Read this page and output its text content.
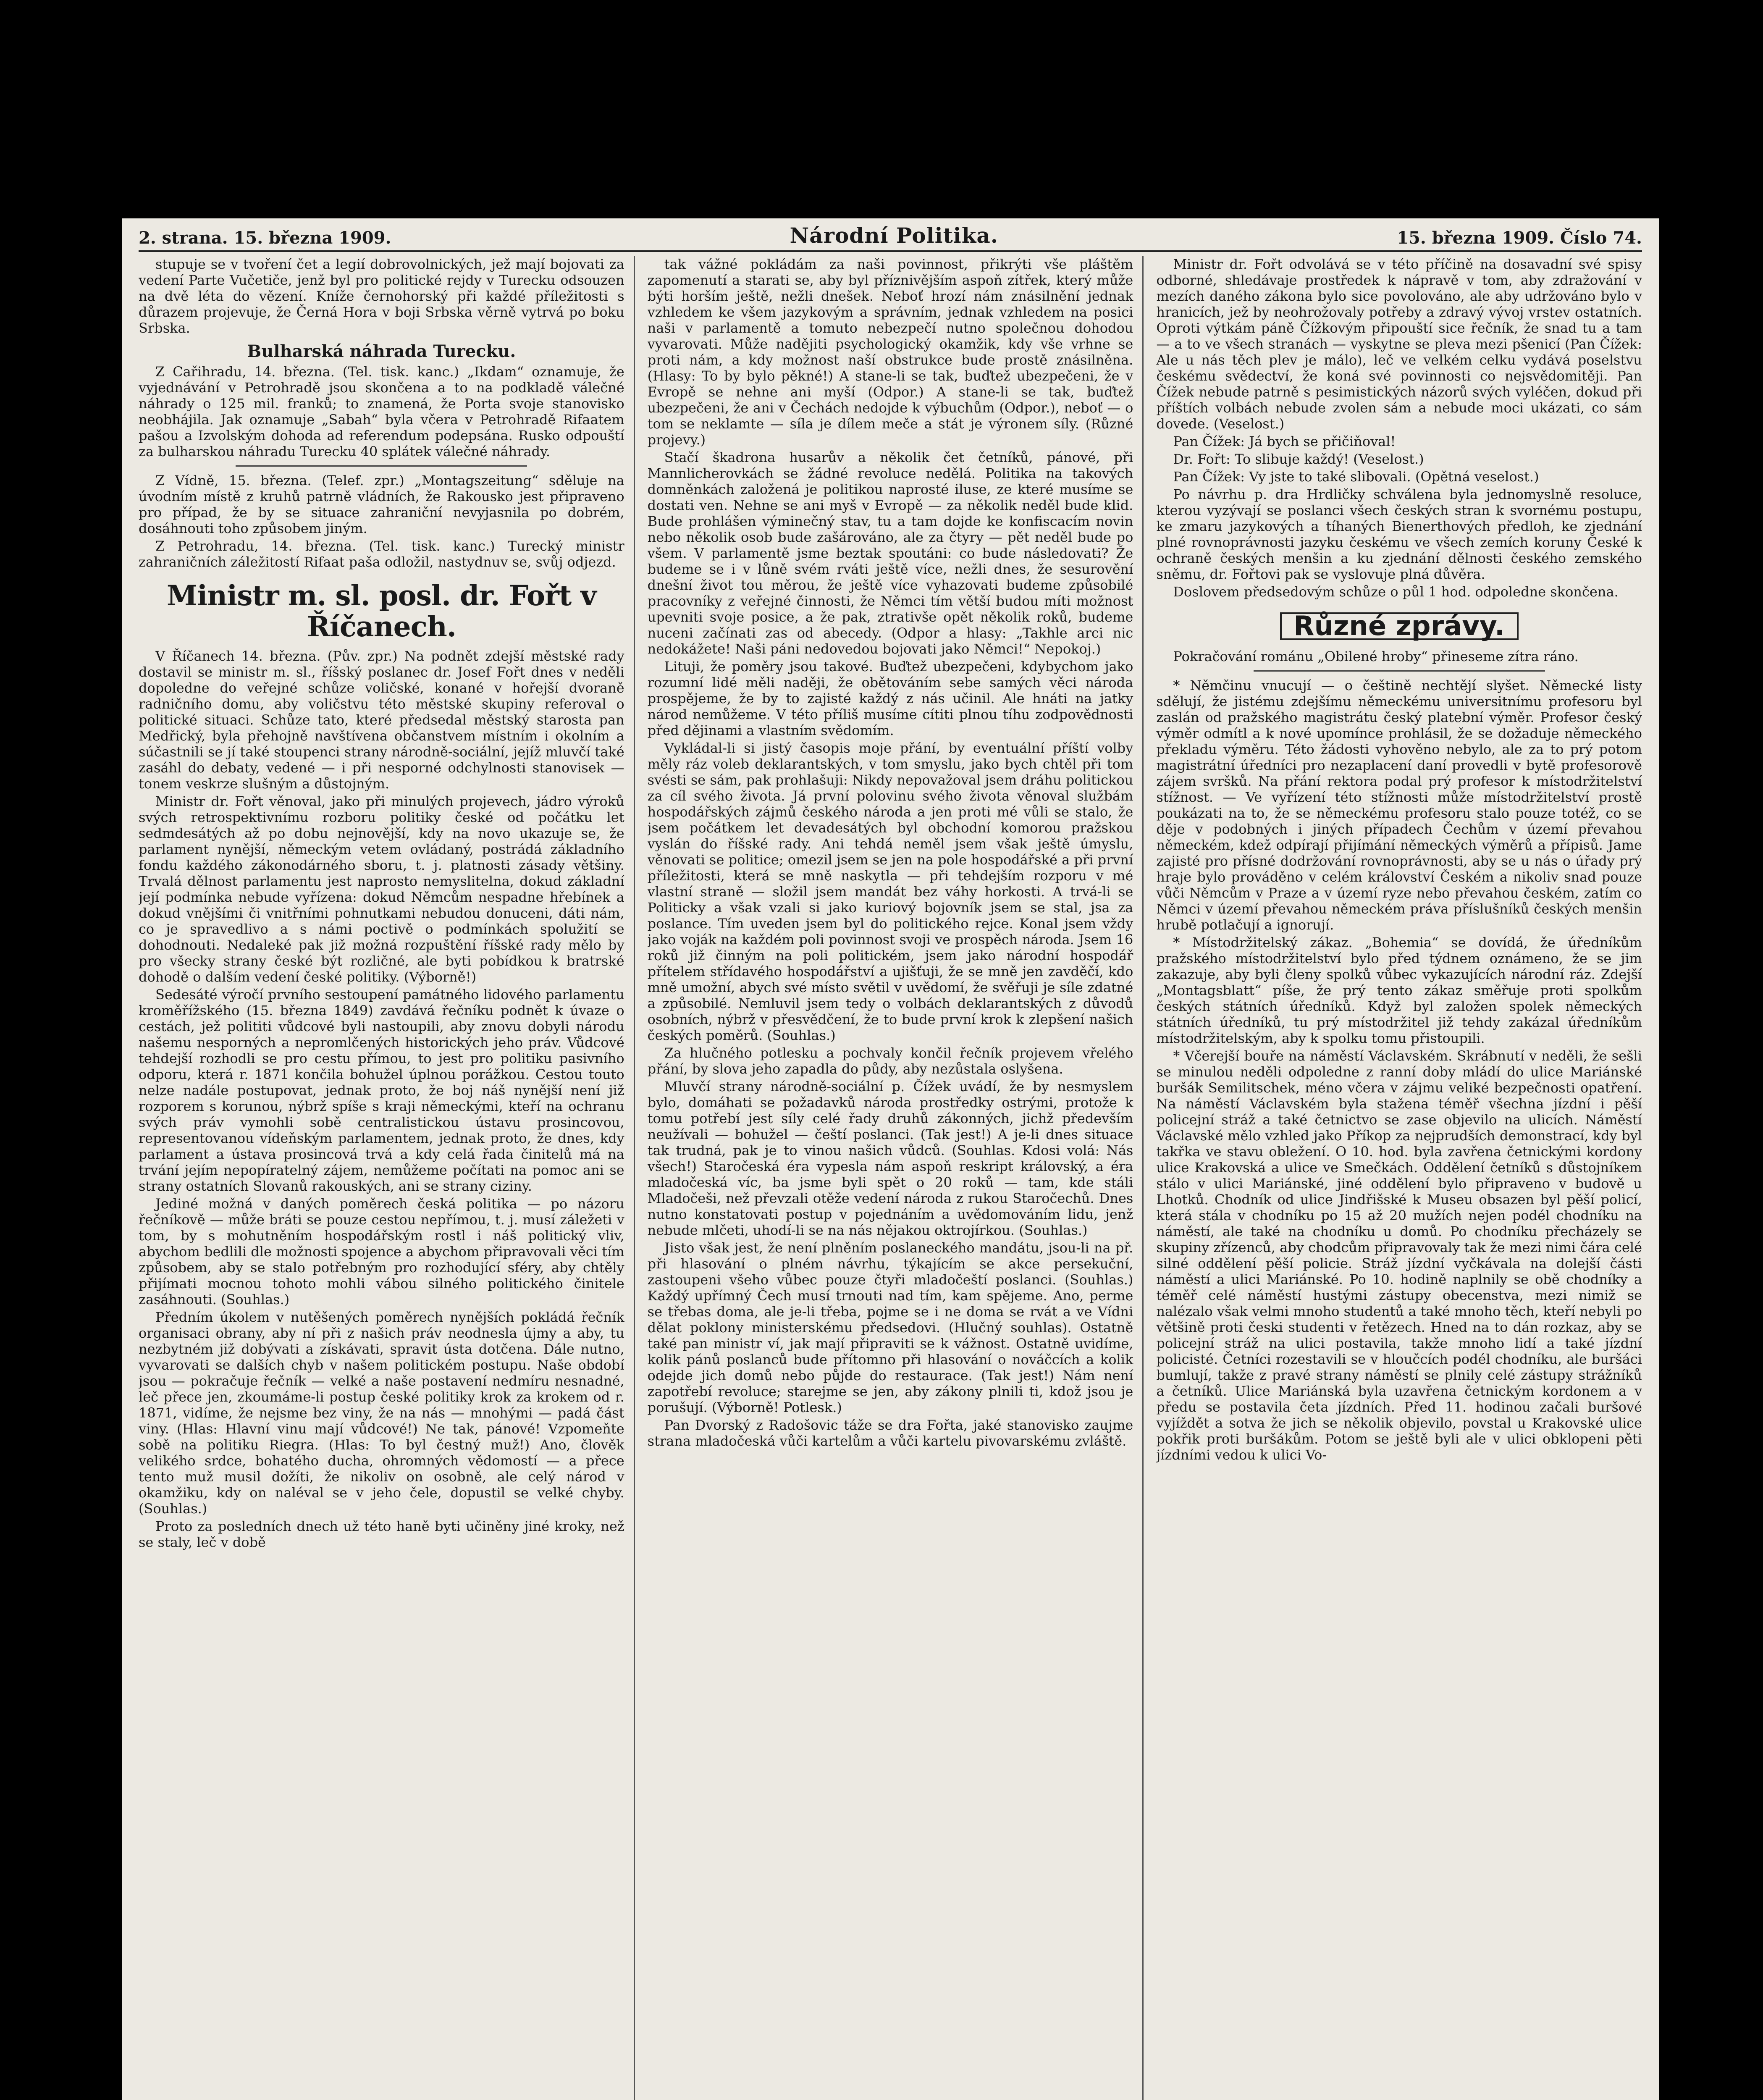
2. strana. 15. března 1909.	Národní Politika.	15. března 1909. Číslo 74.

stupuje se v tvoření čet a legií dobrovolnických, jež mají bojovati za vedení Parte Vučetiče, jenž byl pro politické rejdy v Turecku odsouzen na dvě léta do vězení. Kníže černohorský při každé příležitosti s důrazem projevuje, že Černá Hora v boji Srbska věrně vytrvá po boku Srbska.

Bulharská náhrada Turecku.

Z Cařihradu, 14. března. (Tel. tisk. kanc.) „Ikdam“ oznamuje, že vyjednávání v Petrohradě jsou skončena a to na podkladě válečné náhrady o 125 mil. franků; to znamená, že Porta svoje stanovisko neobhájila. Jak oznamuje „Sabah“ byla včera v Petrohradě Rifaatem pašou a Izvolským dohoda ad referendum podepsána. Rusko odpouští za bulharskou náhradu Turecku 40 splátek válečné náhrady.

Z Vídně, 15. března. (Telef. zpr.) „Montagszeitung“ sděluje na úvodním místě z kruhů patrně vládních, že Rakousko jest připraveno pro případ, že by se situace zahraniční nevyjasnila po dobrém, dosáhnouti toho způsobem jiným.

Z Petrohradu, 14. března. (Tel. tisk. kanc.) Turecký ministr zahraničních záležitostí Rifaat paša odložil, nastydnuv se, svůj odjezd.

Ministr m. sl. posl. dr. Fořt v Říčanech.

V Říčanech 14. března. (Pův. zpr.) Na podnět zdejší městské rady dostavil se ministr m. sl., říšský poslanec dr. Josef Fořt dnes v neděli dopoledne do veřejné schůze voličské, konané v hořejší dvoraně radničního domu, aby voličstvu této městské skupiny referoval o politické situaci. Schůze tato, které předsedal městský starosta pan Medřický, byla přehojně navštívena občanstvem místním i okolním a súčastnili se jí také stoupenci strany národně-sociální, jejíž mluvčí také zasáhl do debaty, vedené — i při nesporné odchylnosti stanovisek — tonem veskrze slušným a důstojným.

Ministr dr. Fořt věnoval, jako při minulých projevech, jádro výroků svých retrospektivnímu rozboru politiky české od počátku let sedmdesátých až po dobu nejnovější, kdy na novo ukazuje se, že parlament nynější, německým vetem ovládaný, postrádá základního fondu každého zákonodárného sboru, t. j. platnosti zásady většiny. Trvalá dělnost parlamentu jest naprosto nemyslitelna, dokud základní její podmínka nebude vyřízena: dokud Němcům nespadne hřebínek a dokud vnějšími či vnitřními pohnutkami nebudou donuceni, dáti nám, co je spravedlivo a s námi poctivě o podmínkách spolužití se dohodnouti. Nedaleké pak již možná rozpuštění říšské rady mělo by pro všecky strany české být rozličné, ale byti pobídkou k bratrské dohodě o dalším vedení české politiky. (Výborně!)

Sedesáté výročí prvního sestoupení památného lidového parlamentu kroměřížského (15. března 1849) zavdává řečníku podnět k úvaze o cestách, jež polititi vůdcové byli nastoupili, aby znovu dobyli národu našemu nesporných a nepromlčených historických jeho práv. Vůdcové tehdejší rozhodli se pro cestu přímou, to jest pro politiku pasivního odporu, která r. 1871 končila bohužel úplnou porážkou. Cestou touto nelze nadále postupovat, jednak proto, že boj náš nynější není již rozporem s korunou, nýbrž spíše s kraji německými, kteří na ochranu svých práv vymohli sobě centralistickou ústavu prosincovou, representovanou vídeňským parlamentem, jednak proto, že dnes, kdy parlament a ústava prosincová trvá a kdy celá řada činitelů má na trvání jejím nepopíratelný zájem, nemůžeme počítati na pomoc ani se strany ostatních Slovanů rakouských, ani se strany ciziny.

Jediné možná v daných poměrech česká politika — po názoru řečníkově — může bráti se pouze cestou nepřímou, t. j. musí záležeti v tom, by s mohutněním hospodářským rostl i náš politický vliv, abychom bedlili dle možnosti spojence a abychom připravovali věci tím způsobem, aby se stalo potřebným pro rozhodující sféry, aby chtěly přijímati mocnou tohoto mohli vábou silného politického činitele zasáhnouti. (Souhlas.)

Předním úkolem v nutěšených poměrech nynějších pokládá řečník organisaci obrany, aby ní při z našich práv neodnesla újmy a aby, tu nezbytném již dobývati a získávati, spravit ústa dotčena. Dále nutno, vyvarovati se dalších chyb v našem politickém postupu. Naše období jsou — pokračuje řečník — velké a naše postavení nedmíru nesnadné, leč přece jen, zkoumáme-li postup české politiky krok za krokem od r. 1871, vidíme, že nejsme bez viny, že na nás — mnohými — padá část viny. (Hlas: Hlavní vinu mají vůdcové!) Ne tak, pánové! Vzpomeňte sobě na politiku Riegra. (Hlas: To byl čestný muž!) Ano, člověk velikého srdce, bohatého ducha, ohromných vědomostí — a přece tento muž musil dožíti, že nikoliv on osobně, ale celý národ v okamžiku, kdy on naléval se v jeho čele, dopustil se velké chyby. (Souhlas.)

Proto za posledních dnech už této haně byti učiněny jiné kroky, než se staly, leč v době

tak vážné pokládám za naši povinnost, přikrýti vše pláštěm zapomenutí a starati se, aby byl příznivějším aspoň zítřek, který může býti horším ještě, nežli dnešek. Neboť hrozí nám znásilnění jednak vzhledem ke všem jazykovým a správním, jednak vzhledem na posici naši v parlamentě a tomuto nebezpečí nutno společnou dohodou vyvarovati. Může nadějiti psychologický okamžik, kdy vše vrhne se proti nám, a kdy možnost naší obstrukce bude prostě znásilněna. (Hlasy: To by bylo pěkné!) A stane-li se tak, buďtež ubezpečeni, že v Evropě se nehne ani myší (Odpor.) A stane-li se tak, buďtež ubezpečeni, že ani v Čechách nedojde k výbuchům (Odpor.), neboť — o tom se neklamte — síla je dílem meče a stát je výronem síly. (Různé projevy.)

Stačí škadrona husarův a několik čet četníků, pánové, při Mannlicherovkách se žádné revoluce nedělá. Politika na takových domněnkách založená je politikou naprosté iluse, ze které musíme se dostati ven. Nehne se ani myš v Evropě — za několik neděl bude klid. Bude prohlášen výminečný stav, tu a tam dojde ke konfiscacím novin nebo několik osob bude zašárováno, ale za čtyry — pět neděl bude po všem. V parlamentě jsme beztak spoutáni: co bude následovati? Že budeme se i v lůně svém rváti ještě více, nežli dnes, že sesurovění dnešní život tou měrou, že ještě více vyhazovati budeme způsobilé pracovníky z veřejné činnosti, že Němci tím větší budou míti možnost upevniti svoje posice, a že pak, ztrativše opět několik roků, budeme nuceni začínati zas od abecedy. (Odpor a hlasy: „Takhle arci nic nedokážete! Naši páni nedovedou bojovati jako Němci!“ Nepokoj.)

Lituji, že poměry jsou takové. Buďtež ubezpečeni, kdybychom jako rozumní lidé měli naději, že obětováním sebe samých věci národa prospějeme, že by to zajisté každý z nás učinil. Ale hnáti na jatky národ nemůžeme. V této příliš musíme cítiti plnou tíhu zodpovědnosti před dějinami a vlastním svědomím.

Vykládal-li si jistý časopis moje přání, by eventuální příští volby měly ráz voleb deklarantských, v tom smyslu, jako bych chtěl při tom svésti se sám, pak prohlašuji: Nikdy nepovažoval jsem dráhu politickou za cíl svého života. Já první polovinu svého života věnoval službám hospodářských zájmů českého národa a jen proti mé vůli se stalo, že jsem počátkem let devadesátých byl obchodní komorou pražskou vyslán do říšské rady. Ani tehdá neměl jsem však ještě úmyslu, věnovati se politice; omezil jsem se jen na pole hospodářské a při první příležitosti, která se mně naskytla — při tehdejším rozporu v mé vlastní straně — složil jsem mandát bez váhy horkosti. A trvá-li se Politicky a však vzali si jako kuriový bojovník jsem se stal, jsa za poslance. Tím uveden jsem byl do politického rejce. Konal jsem vždy jako voják na každém poli povinnost svoji ve prospěch národa. Jsem 16 roků již činným na poli politickém, jsem jako národní hospodář přítelem střídavého hospodářství a ujišťuji, že se mně jen zavděčí, kdo mně umožní, abych své místo světil v uvědomí, že svěřuji je síle zdatné a způsobilé. Nemluvil jsem tedy o volbách deklarantských z důvodů osobních, nýbrž v přesvědčení, že to bude první krok k zlepšení našich českých poměrů. (Souhlas.)

Za hlučného potlesku a pochvaly končil řečník projevem vřelého přání, by slova jeho zapadla do půdy, aby nezůstala oslyšena.

Mluvčí strany národně-sociální p. Čížek uvádí, že by nesmyslem bylo, domáhati se požadavků národa prostředky ostrými, protože k tomu potřebí jest síly celé řady druhů zákonných, jichž především neužívali — bohužel — čeští poslanci. (Tak jest!) A je-li dnes situace tak trudná, pak je to vinou našich vůdců. (Souhlas. Kdosi volá: Nás všech!) Staročeská éra vypesla nám aspoň reskript královský, a éra mladočeská víc, ba jsme byli spět o 20 roků — tam, kde stáli Mladočeši, než převzali otěže vedení národa z rukou Staročechů. Dnes nutno konstatovati postup v pojednáním a uvědomováním lidu, jenž nebude mlčeti, uhodí-li se na nás nějakou oktrojírkou. (Souhlas.)

Jisto však jest, že není plněním poslaneckého mandátu, jsou-li na př. při hlasování o plném návrhu, týkajícím se akce persekuční, zastoupeni všeho vůbec pouze čtyři mladočeští poslanci. (Souhlas.) Každý upřímný Čech musí trnouti nad tím, kam spějeme. Ano, perme se třebas doma, ale je-li třeba, pojme se i ne doma se rvát a ve Vídni dělat poklony ministerskému předsedovi. (Hlučný souhlas). Ostatně také pan ministr ví, jak mají připraviti se k vážnost. Ostatně uvidíme, kolik pánů poslanců bude přítomno při hlasování o nováčcích a kolik odejde jich domů nebo půjde do restaurace. (Tak jest!) Nám není zapotřebí revoluce; starejme se jen, aby zákony plnili ti, kdož jsou je porušují. (Výborně! Potlesk.)

Pan Dvorský z Radošovic táže se dra Fořta, jaké stanovisko zaujme strana mladočeská vůči kartelům a vůči kartelu pivovarskému zvláště.

Ministr dr. Fořt odvolává se v této příčině na dosavadní své spisy odborné, shledávaje prostředek k nápravě v tom, aby zdražování v mezích daného zákona bylo sice povolováno, ale aby udržováno bylo v hranicích, jež by neohrožovaly potřeby a zdravý vývoj vrstev ostatních. Oproti výtkám páně Čížkovým připouští sice řečník, že snad tu a tam — a to ve všech stranách — vyskytne se pleva mezi pšenicí (Pan Čížek: Ale u nás těch plev je málo), leč ve velkém celku vydává poselstvu českému svědectví, že koná své povinnosti co nejsvědomitěji. Pan Čížek nebude patrně s pesimistických názorů svých vyléčen, dokud při příštích volbách nebude zvolen sám a nebude moci ukázati, co sám dovede. (Veselost.)

Pan Čížek: Já bych se přičiňoval!

Dr. Fořt: To slibuje každý! (Veselost.)

Pan Čížek: Vy jste to také slibovali. (Opětná veselost.)

Po návrhu p. dra Hrdličky schválena byla jednomyslně resoluce, kterou vyzývají se poslanci všech českých stran k svornému postupu, ke zmaru jazykových a tíhaných Bienerthových předloh, ke zjednání plné rovnoprávnosti jazyku českému ve všech zemích koruny České k ochraně českých menšin a ku zjednání dělnosti českého zemského sněmu, dr. Fořtovi pak se vyslovuje plná důvěra.

Doslovem předsedovým schůze o půl 1 hod. odpoledne skončena.

Různé zprávy.

Pokračování románu „Obilené hroby“ přineseme zítra ráno.

* Němčinu vnucují — o češtině nechtějí slyšet. Německé listy sdělují, že jistému zdejšímu německému universitnímu profesoru byl zaslán od pražského magistrátu český platební výměr. Profesor český výměr odmítl a k nové upomínce prohlásil, že se dožaduje německého překladu výměru. Této žádosti vyhověno nebylo, ale za to prý potom magistrátní úředníci pro nezaplacení daní provedli v bytě profesorově zájem svršků. Na přání rektora podal prý profesor k místodržitelství stížnost. — Ve vyřízení této stížnosti může místodržitelství prostě poukázati na to, že se německému profesoru stalo pouze totéž, co se děje v podobných i jiných případech Čechům v území převahou německém, kdež odpírají přijímání německých výměrů a přípisů. Jame zajisté pro přísné dodržování rovnoprávnosti, aby se u nás o úřady prý hraje bylo prováděno v celém království Českém a nikoliv snad pouze vůči Němcům v Praze a v území ryze nebo převahou českém, zatím co Němci v území převahou německém práva příslušníků českých menšin hrubě potlačují a ignorují.

* Místodržitelský zákaz. „Bohemia“ se dovídá, že úředníkům pražského místodržitelství bylo před týdnem oznámeno, že se jim zakazuje, aby byli členy spolků vůbec vykazujících národní ráz. Zdejší „Montagsblatt“ píše, že prý tento zákaz směřuje proti spolkům českých státních úředníků. Když byl založen spolek německých státních úředníků, tu prý místodržitel již tehdy zakázal úředníkům místodržitelským, aby k spolku tomu přistoupili.

* Včerejší bouře na náměstí Václavském. Skrábnutí v neděli, že sešli se minulou neděli odpoledne z ranní doby mládí do ulice Mariánské buršák Semilitschek, méno včera v zájmu veliké bezpečnosti opatření. Na náměstí Václavském byla stažena téměř všechna jízdní i pěší policejní stráž a také četnictvo se zase objevilo na ulicích. Náměstí Václavské mělo vzhled jako Příkop za nejprudších demonstrací, kdy byl takřka ve stavu obležení. O 10. hod. byla zavřena četnickými kordony ulice Krakovská a ulice ve Smečkách. Oddělení četníků s důstojníkem stálo v ulici Mariánské, jiné oddělení bylo připraveno v budově u Lhotků. Chodník od ulice Jindřišské k Museu obsazen byl pěší policí, která stála v chodníku po 15 až 20 mužích nejen podél chodníku na náměstí, ale také na chodníku u domů. Po chodníku přecházely se skupiny zřízenců, aby chodcům připravovaly tak že mezi nimi čára celé silné oddělení pěší policie. Stráž jízdní vyčkávala na dolejší části náměstí a ulici Mariánské. Po 10. hodině naplnily se obě chodníky a téměř celé náměstí hustými zástupy obecenstva, mezi nimiž se nalézalo však velmi mnoho studentů a také mnoho těch, kteří nebyli po většině proti česki studenti v řetězech. Hned na to dán rozkaz, aby se policejní stráž na ulici postavila, takže mnoho lidí a také jízdní policisté. Četníci rozestavili se v hloučcích podél chodníku, ale buršáci bumlují, takže z pravé strany náměstí se plnily celé zástupy strážníků a četníků. Ulice Mariánská byla uzavřena četnickým kordonem a v předu se postavila četa jízdních. Před 11. hodinou začali buršové vyjíždět a sotva že jich se několik objevilo, povstal u Krakovské ulice pokřik proti buršákům. Potom se ještě byli ale v ulici obklopeni pěti jízdními vedou k ulici Vo-
